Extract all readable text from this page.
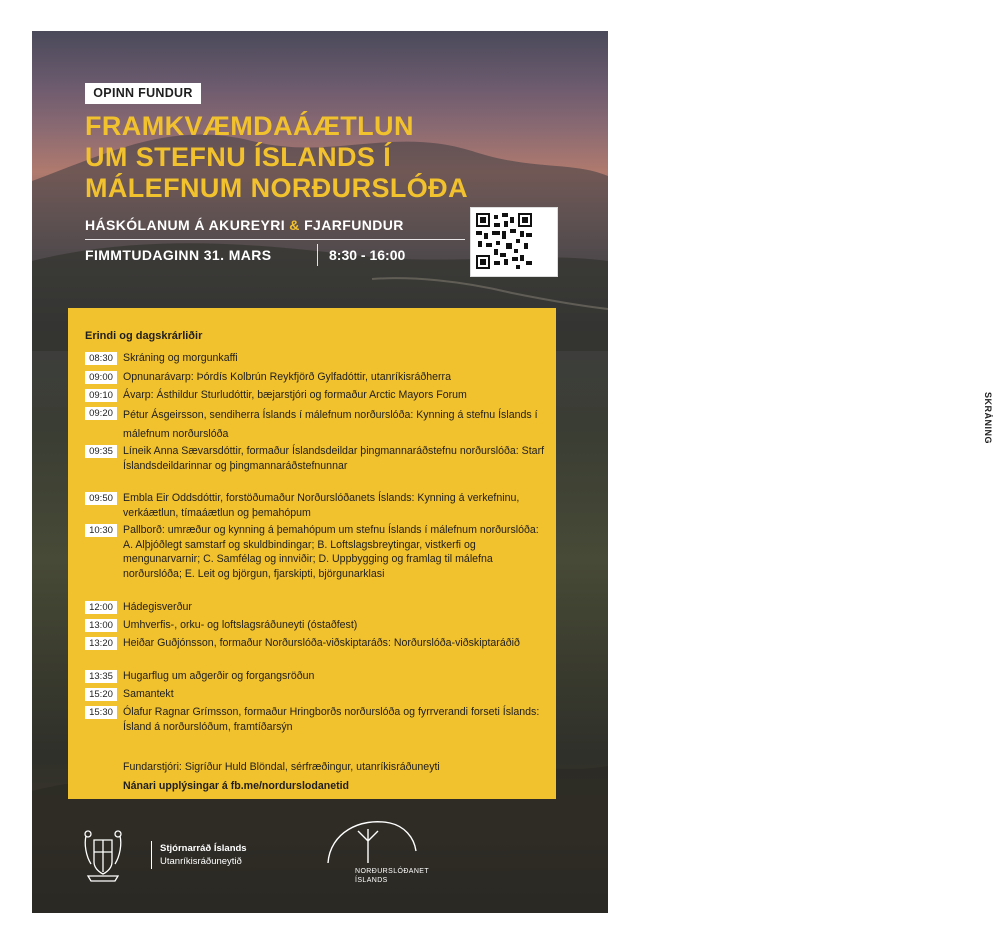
OPINN FUNDUR
FRAMKVÆMDAÁÆTLUN
UM STEFNU ÍSLANDS Í
MÁLEFNUM NORÐURSLÓÐA
HÁSKÓLANUM Á AKUREYRI & FJARFUNDUR
FIMMTUDAGINN 31. MARS	8:30 - 16:00
SKRÁNING
Erindi og dagskrárliðir
08:30 Skráning og morgunkaffi
09:00 Opnunarávarp: Þórdís Kolbrún Reykfjörð Gylfadóttir, utanríkisráðherra
09:10 Ávarp: Ásthildur Sturludóttir, bæjarstjóri og formaður Arctic Mayors Forum
09:20 Pétur Ásgeirsson, sendiherra Íslands í málefnum norðurslóða: Kynning á stefnu Íslands í málefnum norðurslóða
09:35 Líneik Anna Sævarsdóttir, formaður Íslandsdeildar þingmannaráðstefnu norðurslóða: Starf Íslandsdeildarinnar og þingmannaráðstefnunnar
09:50 Embla Eir Oddsdóttir, forstöðumaður Norðurslóðanets Íslands: Kynning á verkefninu, verkáætlun, tímaáætlun og þemahópum
10:30 Pallborð: umræður og kynning á þemahópum um stefnu Íslands í málefnum norðurslóða: A. Alþjóðlegt samstarf og skuldbindingar; B. Loftslagsbreytingar, vistkerfi og mengunarvarnir; C. Samfélag og innviðir; D. Uppbygging og framlag til málefna norðurslóða; E. Leit og björgun, fjarskipti, björgunarklasi
12:00 Hádegisverður
13:00 Umhverfis-, orku- og loftslagsráðuneyti (óstaðfest)
13:20 Heiðar Guðjónsson, formaður Norðurslóða-viðskiptaráðs: Norðurslóða-viðskiptaráðið
13:35 Hugarflug um aðgerðir og forgangsröðun
15:20 Samantekt
15:30 Ólafur Ragnar Grímsson, formaður Hringborðs norðurslóða og fyrrverandi forseti Íslands: Ísland á norðurslóðum, framtíðarsýn
Fundarstjóri: Sigríður Huld Blöndal, sérfræðingur, utanríkisráðuneyti
Nánari upplýsingar á fb.me/nordurslodanetid
Stjórnarráð Íslands
Utanríkisráðuneytið
NORÐURSLÓÐANET
ÍSLANDS
